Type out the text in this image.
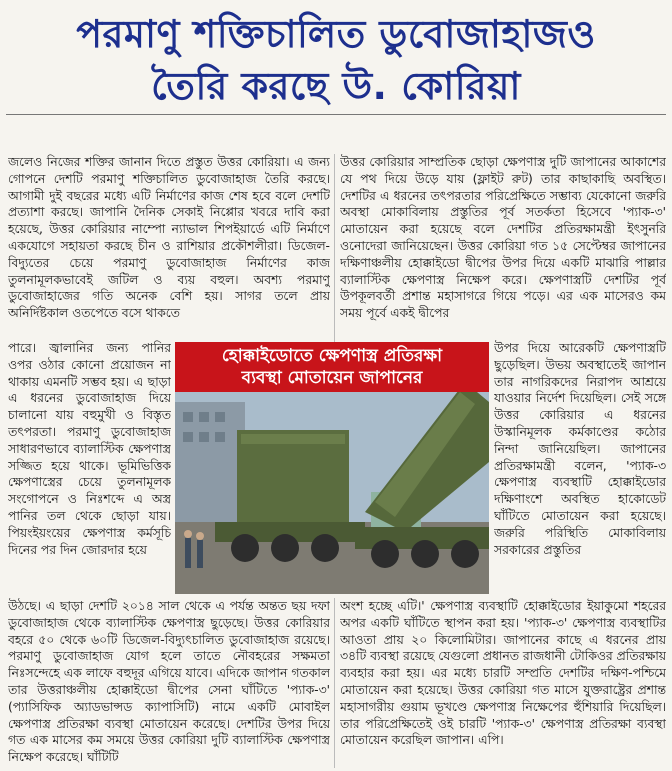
পরমাণু শক্তিচালিত ডুবোজাহাজও
তৈরি করছে উ. কোরিয়া

জলেও নিজের শক্তির জানান দিতে প্রস্তুত উত্তর কোরিয়া। এ জন্য গোপনে দেশটি পরমাণু শক্তিচালিত ডুবোজাহাজ তৈরি করছে। আগামী দুই বছরের মধ্যে এটি নির্মাণের কাজ শেষ হবে বলে দেশটি প্রত্যাশা করছে। জাপানি দৈনিক সেকাই নিপ্পোর খবরে দাবি করা হয়েছে, উত্তর কোরিয়ার নাম্পো ন্যাভাল শিপইয়ার্ডে এটি নির্মাণে একযোগে সহায়তা করছে চীন ও রাশিয়ার প্রকৌশলীরা। ডিজেল-বিদ্যুতের চেয়ে পরমাণু ডুবোজাহাজ নির্মাণের কাজ তুলনামূলকভাবেই জটিল ও ব্যয় বহুল। অবশ্য পরমাণু ডুবোজাহাজের গতি অনেক বেশি হয়। সাগর তলে প্রায় অনির্দিষ্টকাল ওতপেতে বসে থাকতে

উত্তর কোরিয়ার সাম্প্রতিক ছোড়া ক্ষেপণাস্ত্র দুটি জাপানের আকাশের যে পথ দিয়ে উড়ে যায় (ফ্লাইট রুট) তার কাছাকাছি অবস্থিত। দেশটির এ ধরনের তৎপরতার পরিপ্রেক্ষিতে সম্ভাব্য যেকোনো জরুরি অবস্থা মোকাবিলায় প্রস্তুতির পূর্ব সতর্কতা হিসেবে 'প্যাক-৩' মোতায়েন করা হয়েছে বলে দেশটির প্রতিরক্ষামন্ত্রী ইৎসুনরি ওনোদেরা জানিয়েছেন। উত্তর কোরিয়া গত ১৫ সেপ্টেম্বর জাপানের দক্ষিণাঞ্চলীয় হোক্কাইডো দ্বীপের উপর দিয়ে একটি মাঝারি পাল্লার ব্যালাস্টিক ক্ষেপণাস্ত্র নিক্ষেপ করে। ক্ষেপণাস্ত্রটি দেশটির পূর্ব উপকূলবর্তী প্রশান্ত মহাসাগরে গিয়ে পড়ে। এর এক মাসেরও কম সময় পূর্বে একই দ্বীপের

পারে। জ্বালানির জন্য পানির ওপর ওঠার কোনো প্রয়োজন না থাকায় এমনটি সম্ভব হয়। এ ছাড়া এ ধরনের ডুবোজাহাজ দিয়ে চালানো যায় বহুমুখী ও বিস্তৃত তৎপরতা। পরমাণু ডুবোজাহাজ সাধারণভাবে ব্যালাস্টিক ক্ষেপণাস্ত্র সজ্জিত হয়ে থাকে। ভূমিভিত্তিক ক্ষেপণাস্ত্রের চেয়ে তুলনামূলক সংগোপনে ও নিঃশব্দে এ অস্ত্র পানির তল থেকে ছোড়া যায়। পিয়ংইয়ংয়ের ক্ষেপণাস্ত্র কর্মসূচি দিনের পর দিন জোরদার হয়ে

হোক্কাইডোতে ক্ষেপণাস্ত্র প্রতিরক্ষা
ব্যবস্থা মোতায়েন জাপানের

উপর দিয়ে আরেকটি ক্ষেপণাস্ত্রটি ছুড়েছিল। উভয় অবস্থাতেই জাপান তার নাগরিকদের নিরাপদ আশ্রয়ে যাওয়ার নির্দেশ দিয়েছিল। সেই সঙ্গে উত্তর কোরিয়ার এ ধরনের উস্কানিমূলক কর্মকাণ্ডের কঠোর নিন্দা জানিয়েছিল। জাপানের প্রতিরক্ষামন্ত্রী বলেন, 'প্যাক-৩ ক্ষেপণাস্ত্র ব্যবস্থাটি হোক্কাইডোর দক্ষিণাংশে অবস্থিত হাকোডেট ঘাঁটিতে মোতায়েন করা হয়েছে। জরুরি পরিস্থিতি মোকাবিলায় সরকারের প্রস্তুতির

উঠছে। এ ছাড়া দেশটি ২০১৪ সাল থেকে এ পর্যন্ত অন্তত ছয় দফা ডুবোজাহাজ থেকে ব্যালাস্টিক ক্ষেপণাস্ত্র ছুড়েছে। উত্তর কোরিয়ার বহরে ৫০ থেকে ৬০টি ডিজেল-বিদ্যুৎচালিত ডুবোজাহাজ রয়েছে। পরমাণু ডুবোজাহাজ যোগ হলে তাতে নৌবহরের সক্ষমতা নিঃসন্দেহে এক লাফে বহুদূর এগিয়ে যাবে। এদিকে জাপান গতকাল তার উত্তরাঞ্চলীয় হোক্কাইডো দ্বীপের সেনা ঘাঁটিতে 'প্যাক-৩' (প্যাসিফিক অ্যাডভান্সড ক্যাপাসিটি) নামে একটি মোবাইল ক্ষেপণাস্ত্র প্রতিরক্ষা ব্যবস্থা মোতায়েন করেছে। দেশটির উপর দিয়ে গত এক মাসের কম সময়ে উত্তর কোরিয়া দুটি ব্যালাস্টিক ক্ষেপণাস্ত্র নিক্ষেপ করেছে। ঘাঁটিটি

অংশ হচ্ছে এটি।' ক্ষেপণাস্ত্র ব্যবস্থাটি হোক্কাইডোর ইয়াকুমো শহরের অপর একটি ঘাঁটিতে স্থাপন করা হয়। 'প্যাক-৩' ক্ষেপণাস্ত্র ব্যবস্থাটির আওতা প্রায় ২০ কিলোমিটার। জাপানের কাছে এ ধরনের প্রায় ৩৪টি ব্যবস্থা রয়েছে যেগুলো প্রধানত রাজধানী টোকিওর প্রতিরক্ষায় ব্যবহার করা হয়। এর মধ্যে চারটি সম্প্রতি দেশটির দক্ষিণ-পশ্চিমে মোতায়েন করা হয়েছে। উত্তর কোরিয়া গত মাসে যুক্তরাষ্ট্রের প্রশান্ত মহাসাগরীয় গুয়াম ভূখণ্ডে ক্ষেপণাস্ত্র নিক্ষেপের হুঁশিয়ারি দিয়েছিল। তার পরিপ্রেক্ষিতেই ওই চারটি 'প্যাক-৩' ক্ষেপণাস্ত্র প্রতিরক্ষা ব্যবস্থা মোতায়েন করেছিল জাপান। এপি।
